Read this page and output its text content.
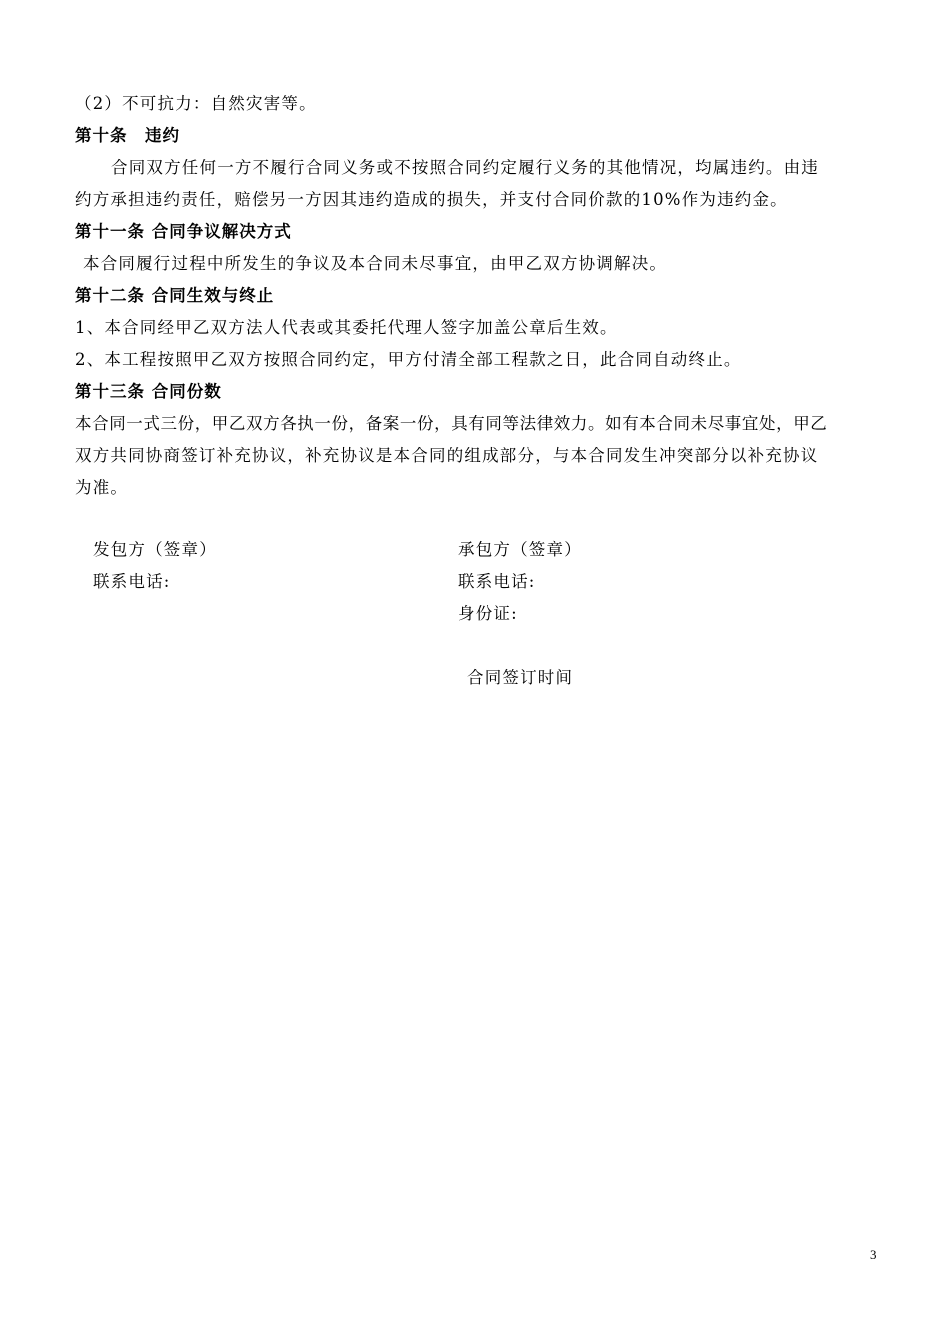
（2）不可抗力：自然灾害等。
第十条　违约
合同双方任何一方不履行合同义务或不按照合同约定履行义务的其他情况，均属违约。由违
约方承担违约责任，赔偿另一方因其违约造成的损失，并支付合同价款的10%作为违约金。
第十一条 合同争议解决方式
本合同履行过程中所发生的争议及本合同未尽事宜，由甲乙双方协调解决。
第十二条 合同生效与终止
1、本合同经甲乙双方法人代表或其委托代理人签字加盖公章后生效。
2、本工程按照甲乙双方按照合同约定，甲方付清全部工程款之日，此合同自动终止。
第十三条 合同份数
本合同一式三份，甲乙双方各执一份，备案一份，具有同等法律效力。如有本合同未尽事宜处，甲乙
双方共同协商签订补充协议，补充协议是本合同的组成部分，与本合同发生冲突部分以补充协议
为准。
发包方（签章）
联系电话:
承包方（签章）
联系电话:
身份证:
合同签订时间
3
